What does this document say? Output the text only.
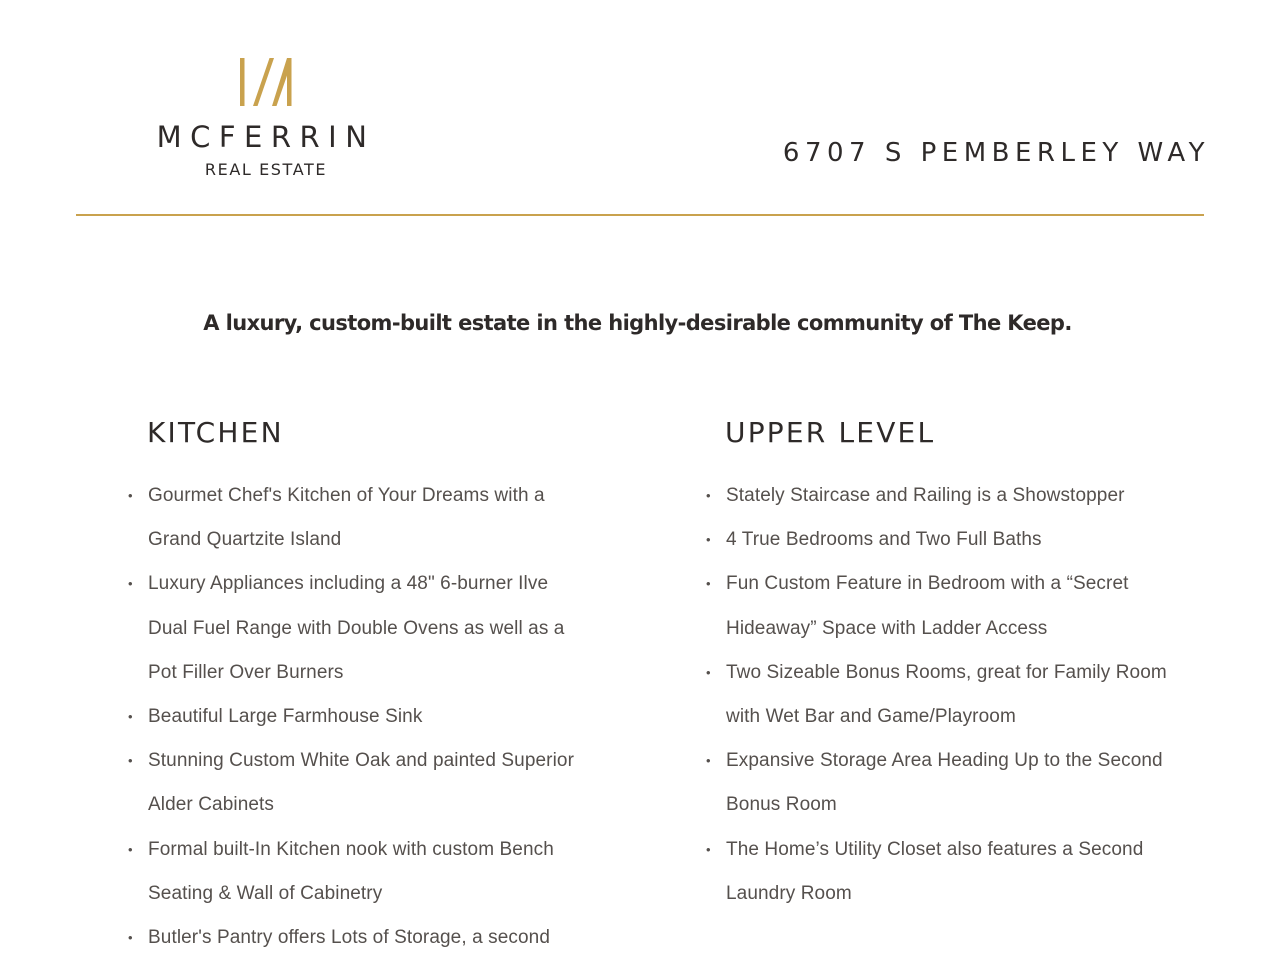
MCFERRIN
REAL ESTATE
6707 S PEMBERLEY WAY
A luxury, custom-built estate in the highly-desirable community of The Keep.
KITCHEN
• Gourmet Chef's Kitchen of Your Dreams with a Grand Quartzite Island
• Luxury Appliances including a 48" 6-burner Ilve Dual Fuel Range with Double Ovens as well as a Pot Filler Over Burners
• Beautiful Large Farmhouse Sink
• Stunning Custom White Oak and painted Superior Alder Cabinets
• Formal built-In Kitchen nook with custom Bench Seating & Wall of Cabinetry
• Butler's Pantry offers Lots of Storage, a second
UPPER LEVEL
• Stately Staircase and Railing is a Showstopper
• 4 True Bedrooms and Two Full Baths
• Fun Custom Feature in Bedroom with a “Secret Hideaway” Space with Ladder Access
• Two Sizeable Bonus Rooms, great for Family Room with Wet Bar and Game/Playroom
• Expansive Storage Area Heading Up to the Second Bonus Room
• The Home’s Utility Closet also features a Second Laundry Room
